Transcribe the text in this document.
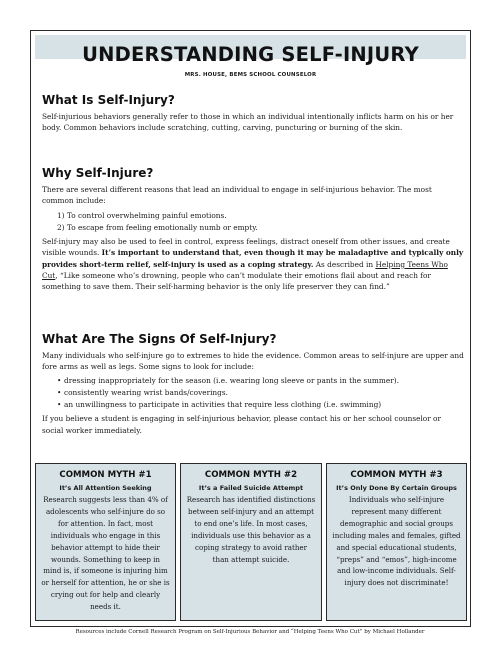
UNDERSTANDING SELF-INJURY
MRS. HOUSE, BEMS SCHOOL COUNSELOR
What Is Self-Injury?

Self-injurious behaviors generally refer to those in which an individual intentionally inflicts harm on his or her body. Common behaviors include scratching, cutting, carving, puncturing or burning of the skin.

Why Self-Injure?

There are several different reasons that lead an individual to engage in self-injurious behavior. The most common include:

1) To control overwhelming painful emotions.
2) To escape from feeling emotionally numb or empty.

Self-injury may also be used to feel in control, express feelings, distract oneself from other issues, and create visible wounds. It’s important to understand that, even though it may be maladaptive and typically only provides short-term relief, self-injury is used as a coping strategy. As described in Helping Teens Who Cut, “Like someone who’s drowning, people who can’t modulate their emotions flail about and reach for something to save them. Their self-harming behavior is the only life preserver they can find.”

What Are The Signs Of Self-Injury?

Many individuals who self-injure go to extremes to hide the evidence. Common areas to self-injure are upper and fore arms as well as legs. Some signs to look for include:

• dressing inappropriately for the season (i.e. wearing long sleeve or pants in the summer).
• consistently wearing wrist bands/coverings.
• an unwillingness to participate in activities that require less clothing (i.e. swimming)

If you believe a student is engaging in self-injurious behavior, please contact his or her school counselor or social worker immediately.

COMMON MYTH #1
It’s All Attention Seeking
Research suggests less than 4% of adolescents who self-injure do so for attention. In fact, most individuals who engage in this behavior attempt to hide their wounds. Something to keep in mind is, if someone is injuring him or herself for attention, he or she is crying out for help and clearly needs it.
COMMON MYTH #2
It’s a Failed Suicide Attempt
Research has identified distinctions between self-injury and an attempt to end one’s life. In most cases, individuals use this behavior as a coping strategy to avoid rather than attempt suicide.
COMMON MYTH #3
It’s Only Done By Certain Groups
Individuals who self-injure represent many different demographic and social groups including males and females, gifted and special educational students, “preps” and “emos”, high-income and low-income individuals. Self-injury does not discriminate!
Resources include Cornell Research Program on Self-Injurious Behavior and “Helping Teens Who Cut” by Michael Hollander
